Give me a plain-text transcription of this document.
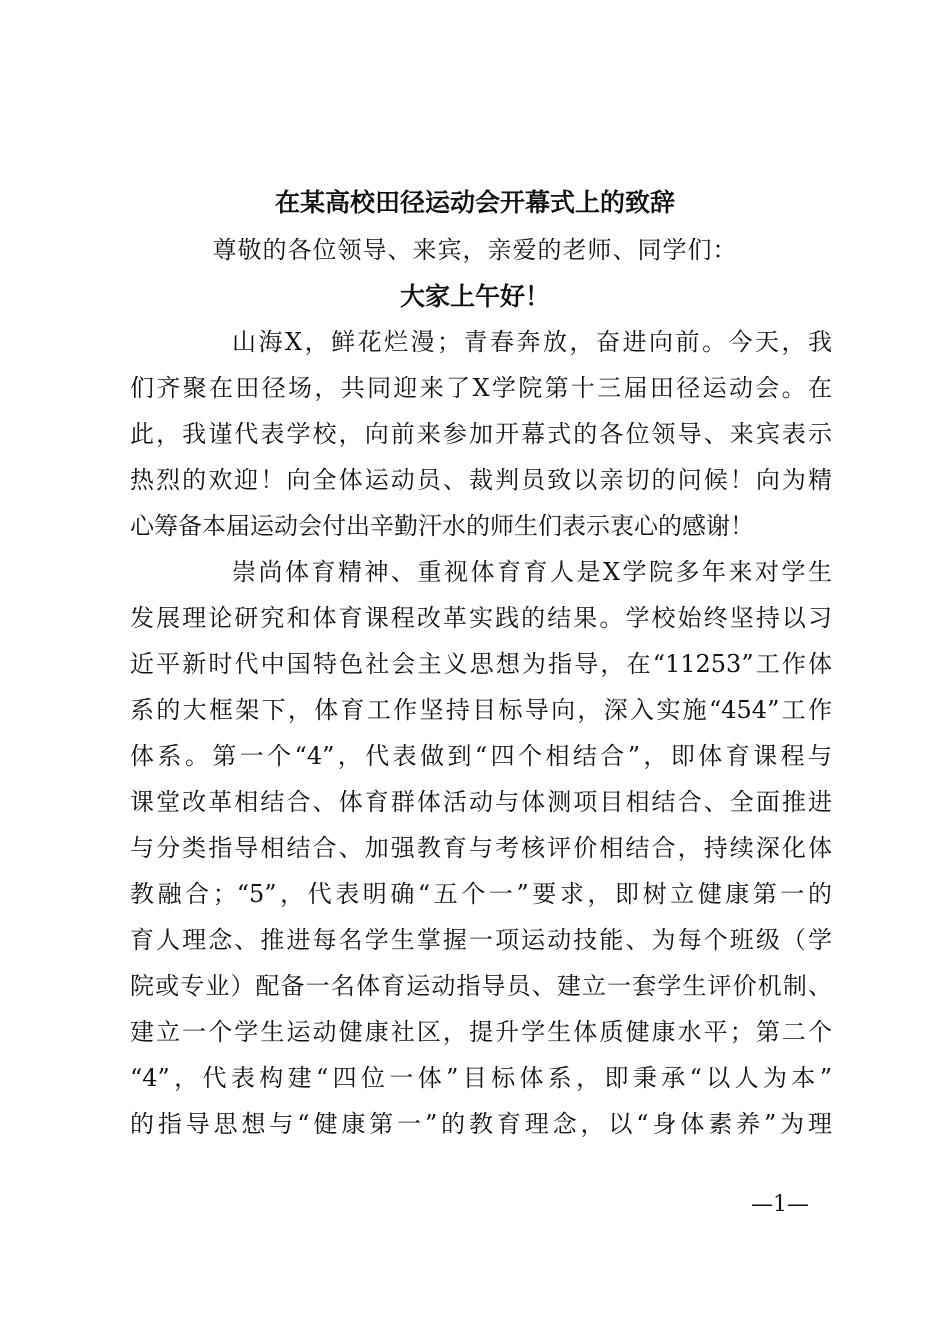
在某高校田径运动会开幕式上的致辞
尊敬的各位领导、来宾，亲爱的老师、同学们：
大家上午好！
山海X，鲜花烂漫；青春奔放，奋进向前。今天，我
们齐聚在田径场，共同迎来了X学院第十三届田径运动会。在
此，我谨代表学校，向前来参加开幕式的各位领导、来宾表示
热烈的欢迎！向全体运动员、裁判员致以亲切的问候！向为精
心筹备本届运动会付出辛勤汗水的师生们表示衷心的感谢！
崇尚体育精神、重视体育育人是X学院多年来对学生
发展理论研究和体育课程改革实践的结果。学校始终坚持以习
近平新时代中国特色社会主义思想为指导，在“11253”工作体
系的大框架下，体育工作坚持目标导向，深入实施“454”工作
体系。第一个“4”，代表做到“四个相结合”，即体育课程与
课堂改革相结合、体育群体活动与体测项目相结合、全面推进
与分类指导相结合、加强教育与考核评价相结合，持续深化体
教融合；“5”，代表明确“五个一”要求，即树立健康第一的
育人理念、推进每名学生掌握一项运动技能、为每个班级（学
院或专业）配备一名体育运动指导员、建立一套学生评价机制、
建立一个学生运动健康社区，提升学生体质健康水平；第二个
“4”，代表构建“四位一体”目标体系，即秉承“以人为本”
的指导思想与“健康第一”的教育理念，以“身体素养”为理
—1—
